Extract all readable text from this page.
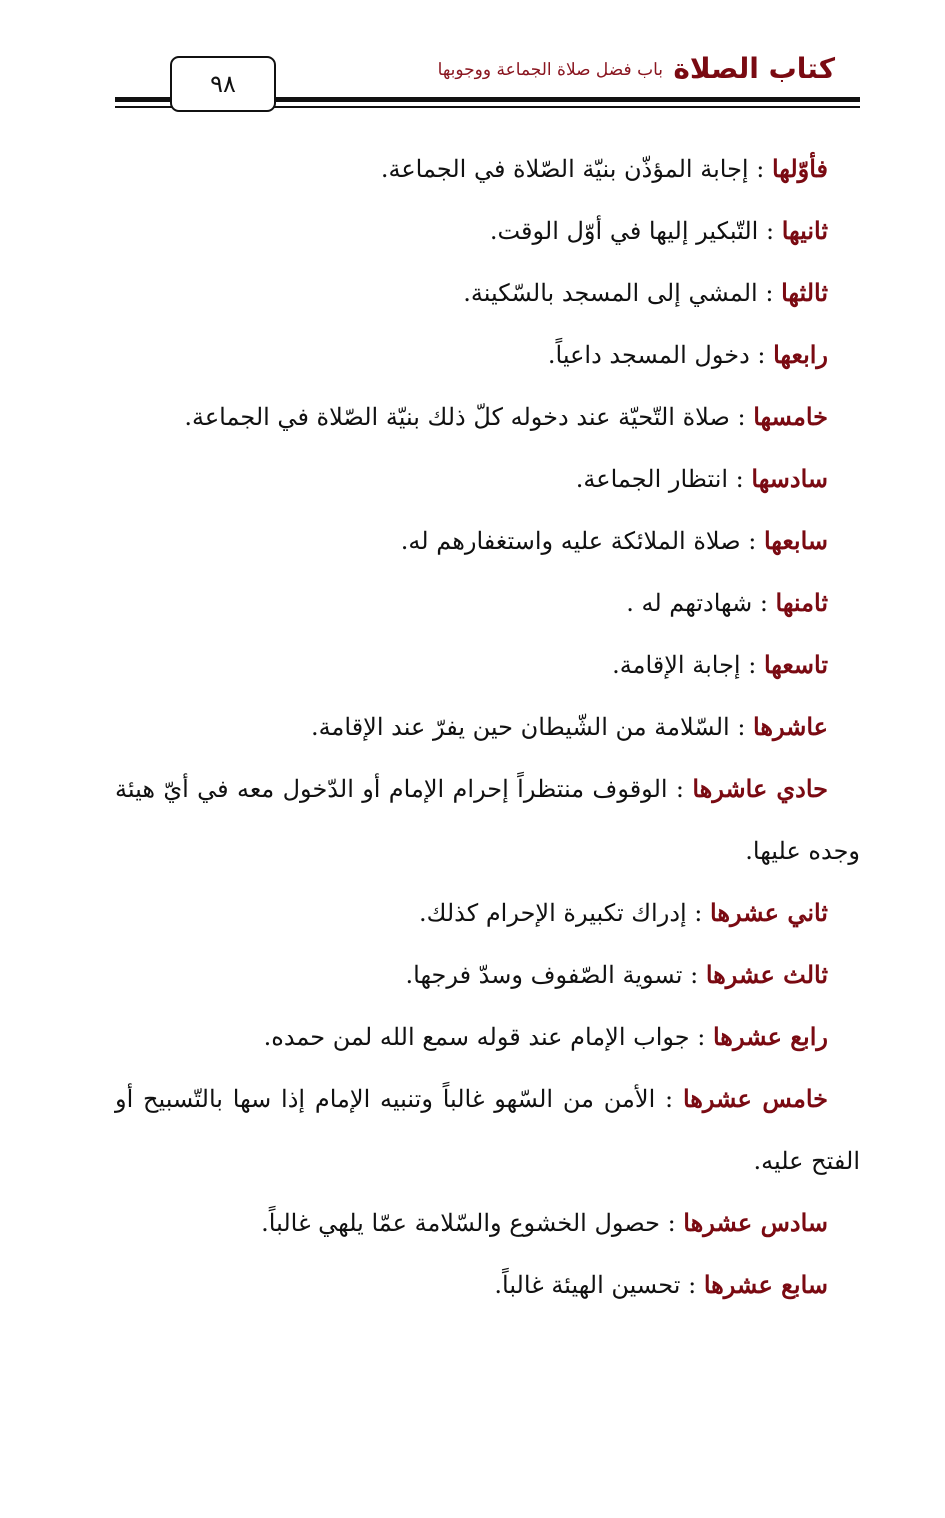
كتاب الصلاة
باب فضل صلاة الجماعة ووجوبها
٩٨

فأوّلها : إجابة المؤذّن بنيّة الصّلاة في الجماعة.

ثانيها : التّبكير إليها في أوّل الوقت.

ثالثها : المشي إلى المسجد بالسّكينة.

رابعها : دخول المسجد داعياً.

خامسها : صلاة التّحيّة عند دخوله كلّ ذلك بنيّة الصّلاة في الجماعة.

سادسها : انتظار الجماعة.

سابعها : صلاة الملائكة عليه واستغفارهم له.

ثامنها : شهادتهم له .

تاسعها : إجابة الإقامة.

عاشرها : السّلامة من الشّيطان حين يفرّ عند الإقامة.

حادي عاشرها : الوقوف منتظراً إحرام الإمام أو الدّخول معه في أيّ هيئة وجده عليها.

ثاني عشرها : إدراك تكبيرة الإحرام كذلك.

ثالث عشرها : تسوية الصّفوف وسدّ فرجها.

رابع عشرها : جواب الإمام عند قوله سمع الله لمن حمده.

خامس عشرها : الأمن من السّهو غالباً وتنبيه الإمام إذا سها بالتّسبيح أو الفتح عليه.

سادس عشرها : حصول الخشوع والسّلامة عمّا يلهي غالباً.

سابع عشرها : تحسين الهيئة غالباً.
